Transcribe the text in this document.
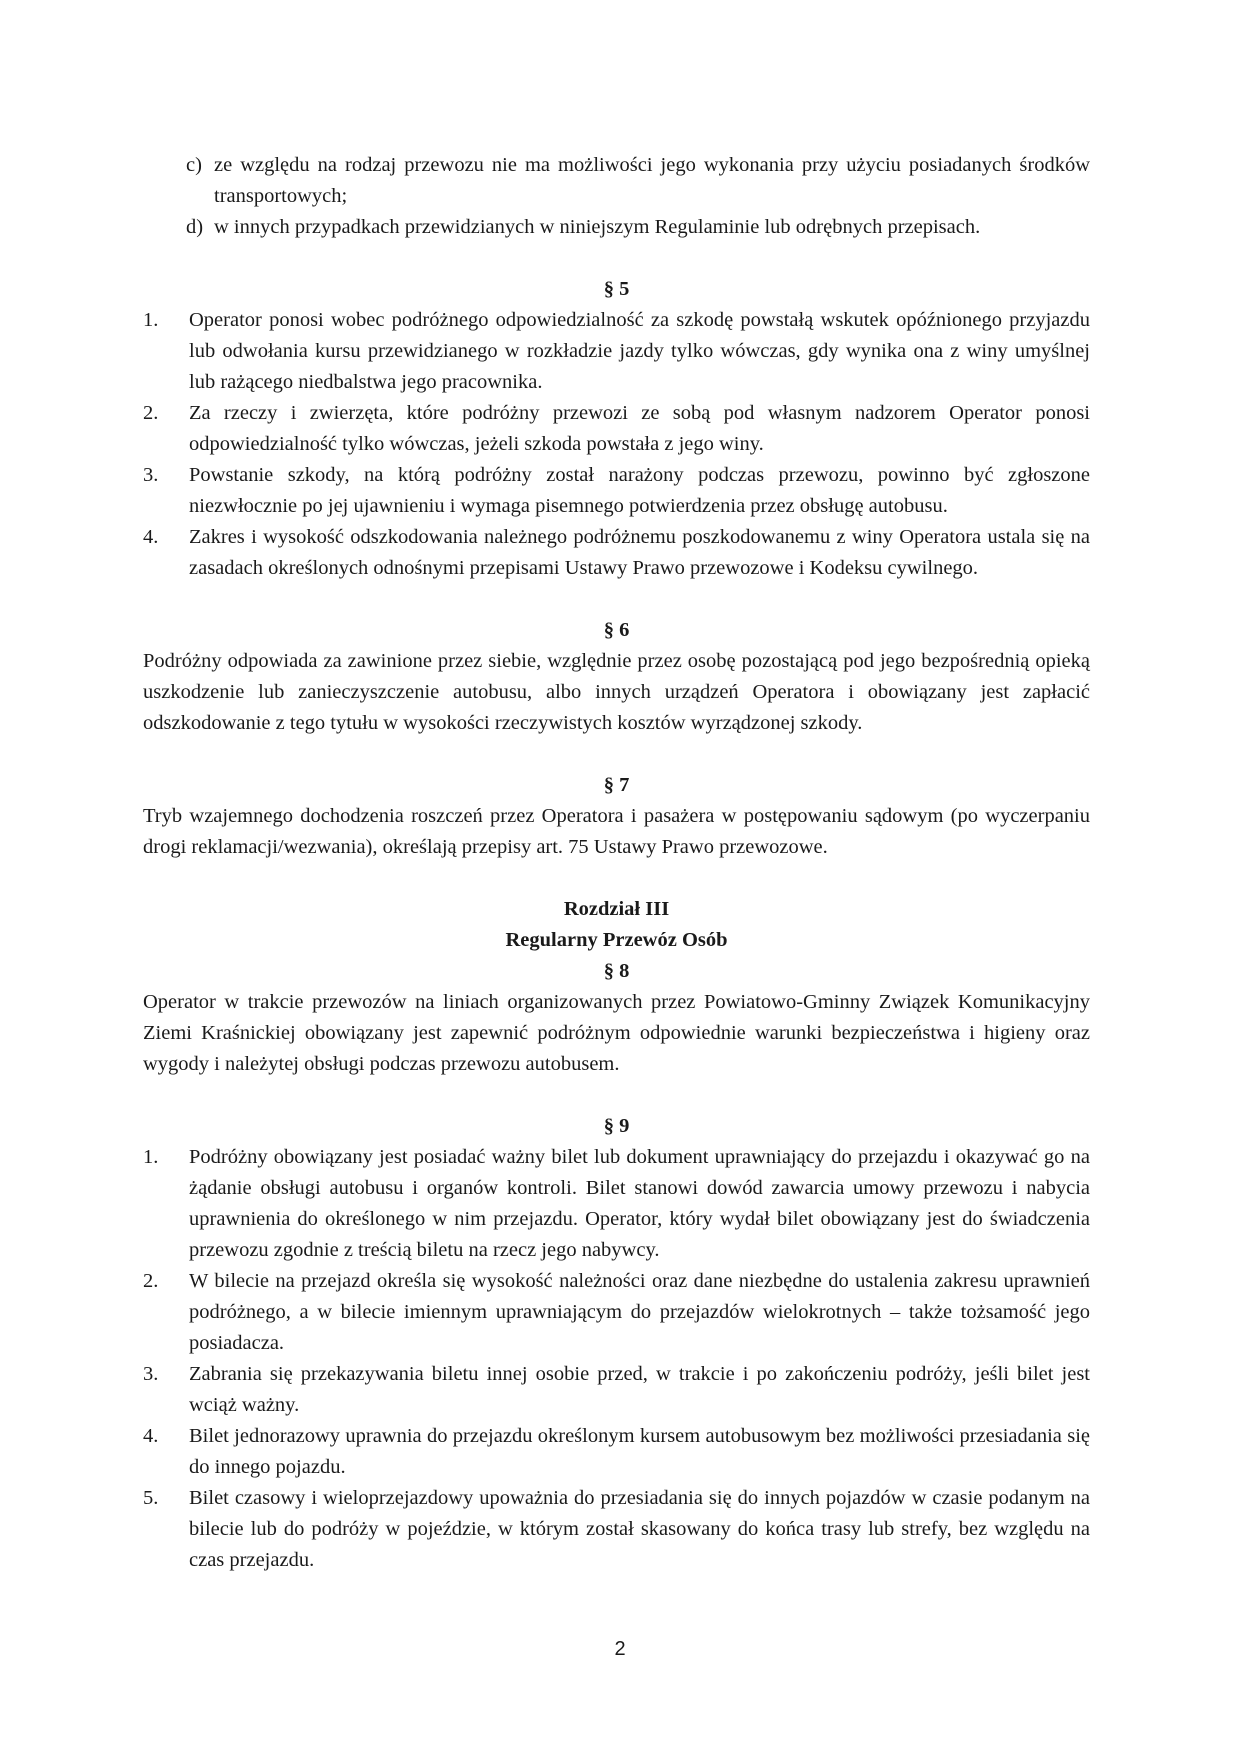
c) ze względu na rodzaj przewozu nie ma możliwości jego wykonania przy użyciu posiadanych środków transportowych;
d) w innych przypadkach przewidzianych w niniejszym Regulaminie lub odrębnych przepisach.
§ 5
1.	Operator ponosi wobec podróżnego odpowiedzialność za szkodę powstałą wskutek opóźnionego przyjazdu lub odwołania kursu przewidzianego w rozkładzie jazdy tylko wówczas, gdy wynika ona z winy umyślnej lub rażącego niedbalstwa jego pracownika.
2.	Za rzeczy i zwierzęta, które podróżny przewozi ze sobą pod własnym nadzorem Operator ponosi odpowiedzialność tylko wówczas, jeżeli szkoda powstała z jego winy.
3.	Powstanie szkody, na którą podróżny został narażony podczas przewozu, powinno być zgłoszone niezwłocznie po jej ujawnieniu i wymaga pisemnego potwierdzenia przez obsługę autobusu.
4.	Zakres i wysokość odszkodowania należnego podróżnemu poszkodowanemu z winy Operatora ustala się na zasadach określonych odnośnymi przepisami Ustawy Prawo przewozowe i Kodeksu cywilnego.
§ 6

Podróżny odpowiada za zawinione przez siebie, względnie przez osobę pozostającą pod jego bezpośrednią opieką uszkodzenie lub zanieczyszczenie autobusu, albo innych urządzeń Operatora i obowiązany jest zapłacić odszkodowanie z tego tytułu w wysokości rzeczywistych kosztów wyrządzonej szkody.

§ 7

Tryb wzajemnego dochodzenia roszczeń przez Operatora i pasażera w postępowaniu sądowym (po wyczerpaniu drogi reklamacji/wezwania), określają przepisy art. 75 Ustawy Prawo przewozowe.

Rozdział III
Regularny Przewóz Osób
§ 8

Operator w trakcie przewozów na liniach organizowanych przez Powiatowo-Gminny Związek Komunikacyjny Ziemi Kraśnickiej obowiązany jest zapewnić podróżnym odpowiednie warunki bezpieczeństwa i higieny oraz wygody i należytej obsługi podczas przewozu autobusem.

§ 9
1.	Podróżny obowiązany jest posiadać ważny bilet lub dokument uprawniający do przejazdu i okazywać go na żądanie obsługi autobusu i organów kontroli. Bilet stanowi dowód zawarcia umowy przewozu i nabycia uprawnienia do określonego w nim przejazdu. Operator, który wydał bilet obowiązany jest do świadczenia przewozu zgodnie z treścią biletu na rzecz jego nabywcy.
2.	W bilecie na przejazd określa się wysokość należności oraz dane niezbędne do ustalenia zakresu uprawnień podróżnego, a w bilecie imiennym uprawniającym do przejazdów wielokrotnych – także tożsamość jego posiadacza.
3.	Zabrania się przekazywania biletu innej osobie przed, w trakcie i po zakończeniu podróży, jeśli bilet jest wciąż ważny.
4.	Bilet jednorazowy uprawnia do przejazdu określonym kursem autobusowym bez możliwości przesiadania się do innego pojazdu.
5.	Bilet czasowy i wieloprzejazdowy upoważnia do przesiadania się do innych pojazdów w czasie podanym na bilecie lub do podróży w pojeździe, w którym został skasowany do końca trasy lub strefy, bez względu na czas przejazdu.
2
